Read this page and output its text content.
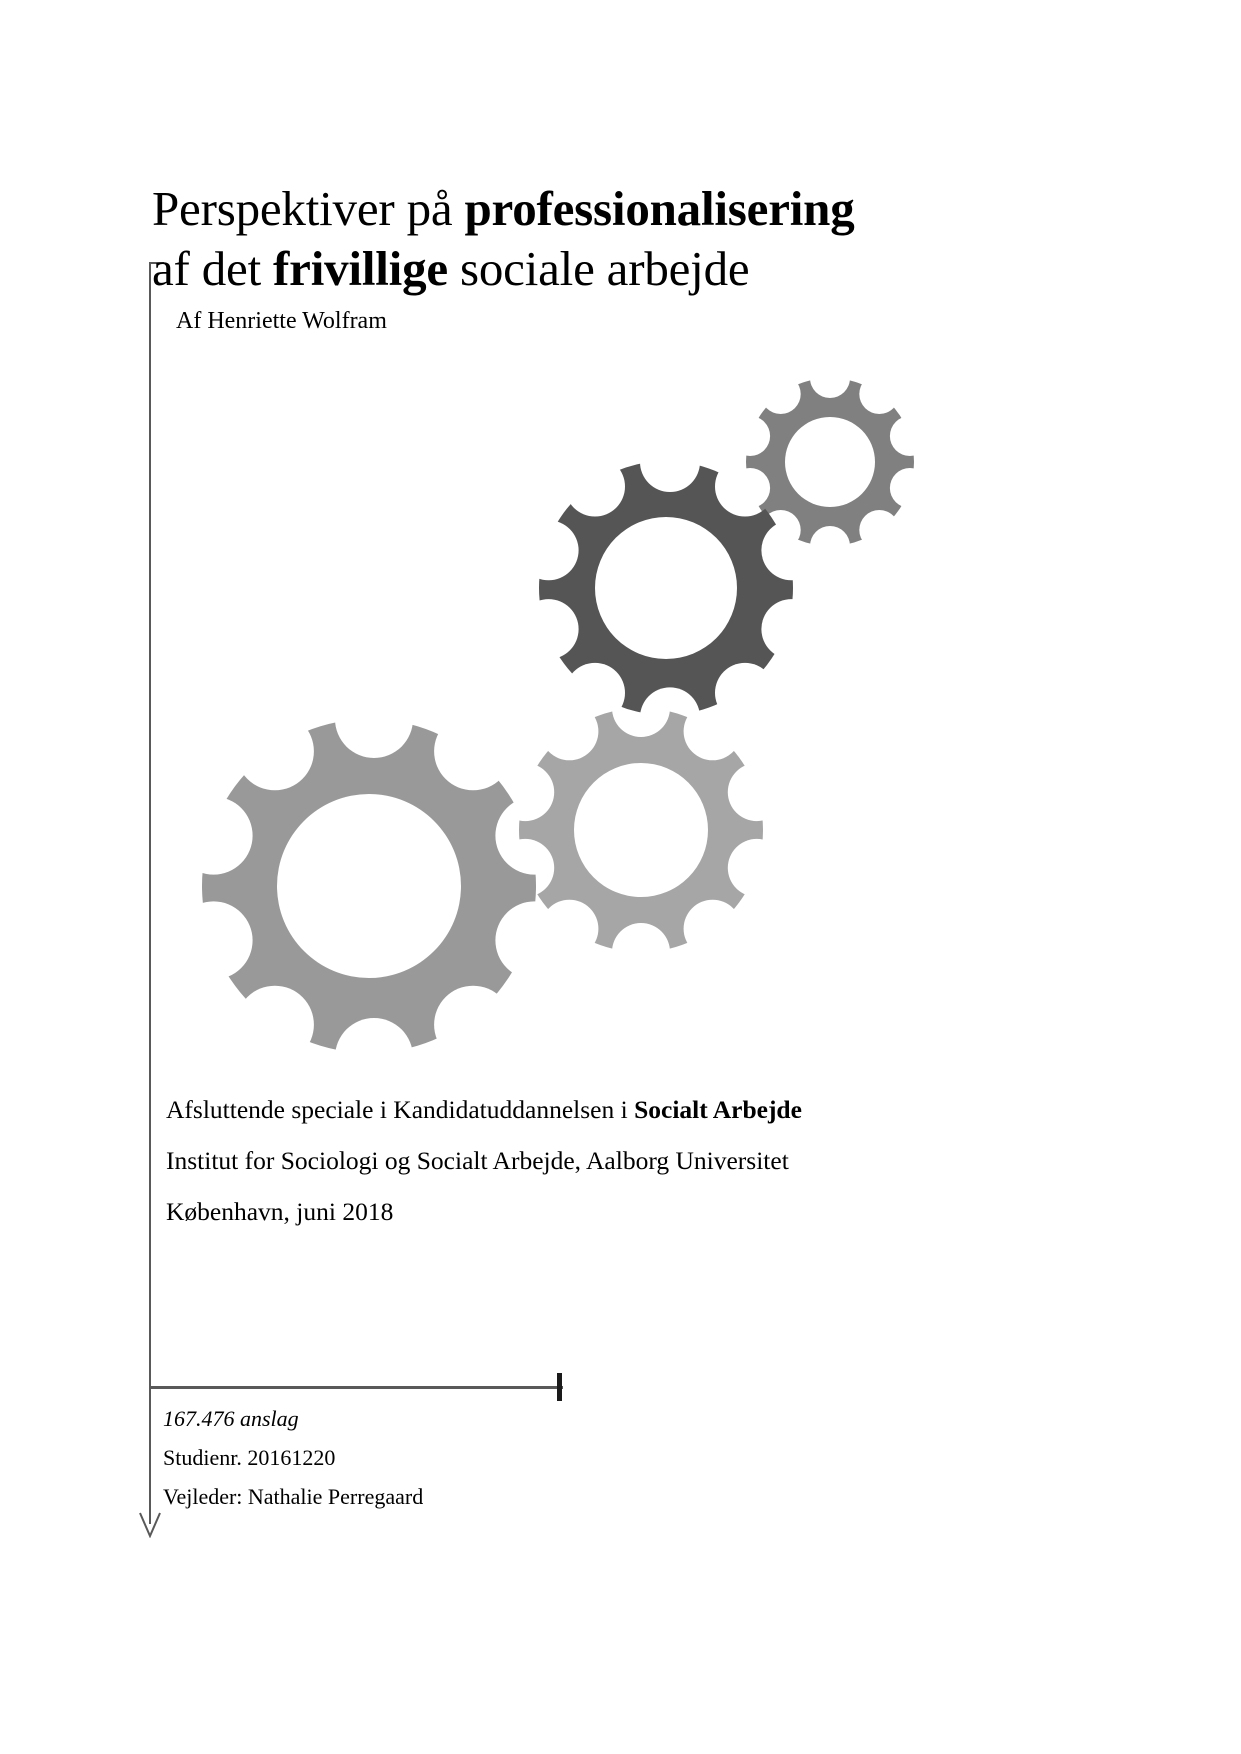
Perspektiver på professionalisering
af det frivillige sociale arbejde
Af Henriette Wolfram
Afsluttende speciale i Kandidatuddannelsen i Socialt Arbejde
Institut for Sociologi og Socialt Arbejde, Aalborg Universitet
København, juni 2018
167.476 anslag
Studienr. 20161220
Vejleder: Nathalie Perregaard
